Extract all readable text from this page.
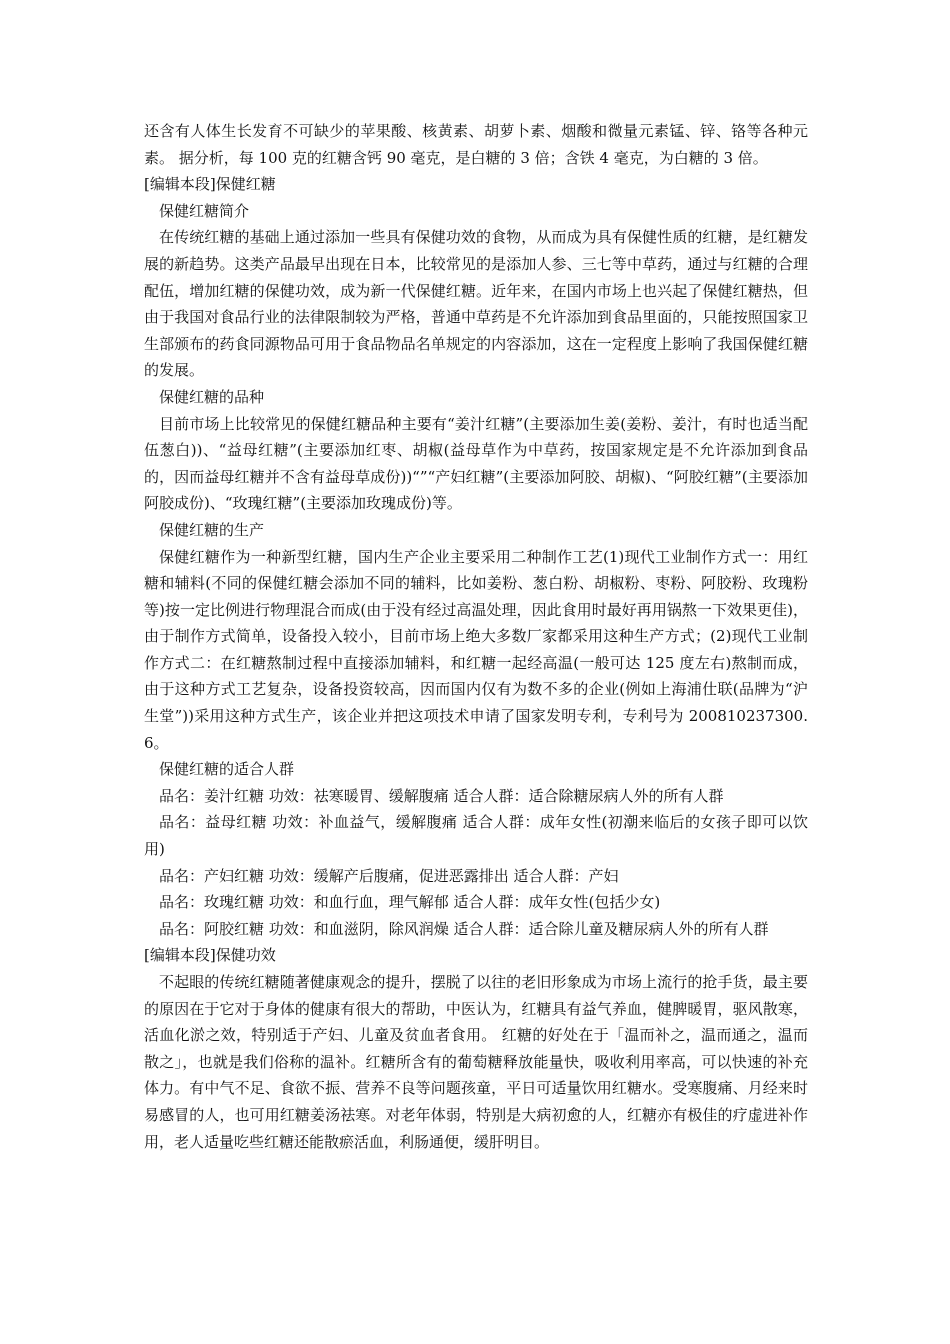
还含有人体生长发育不可缺少的苹果酸、核黄素、胡萝卜素、烟酸和微量元素锰、锌、铬等各种元素。 据分析，每 100 克的红糖含钙 90 毫克，是白糖的 3 倍；含铁 4 毫克，为白糖的 3 倍。

[编辑本段]保健红糖

保健红糖简介

在传统红糖的基础上通过添加一些具有保健功效的食物，从而成为具有保健性质的红糖，是红糖发展的新趋势。这类产品最早出现在日本，比较常见的是添加人参、三七等中草药，通过与红糖的合理配伍，增加红糖的保健功效，成为新一代保健红糖。近年来，在国内市场上也兴起了保健红糖热，但由于我国对食品行业的法律限制较为严格，普通中草药是不允许添加到食品里面的，只能按照国家卫生部颁布的药食同源物品可用于食品物品名单规定的内容添加，这在一定程度上影响了我国保健红糖的发展。

保健红糖的品种

目前市场上比较常见的保健红糖品种主要有“姜汁红糖”(主要添加生姜(姜粉、姜汁，有时也适当配伍葱白))、“益母红糖”(主要添加红枣、胡椒(益母草作为中草药，按国家规定是不允许添加到食品的，因而益母红糖并不含有益母草成份))“”“产妇红糖”(主要添加阿胶、胡椒)、“阿胶红糖”(主要添加阿胶成份)、“玫瑰红糖”(主要添加玫瑰成份)等。

保健红糖的生产

保健红糖作为一种新型红糖，国内生产企业主要采用二种制作工艺(1)现代工业制作方式一：用红糖和辅料(不同的保健红糖会添加不同的辅料，比如姜粉、葱白粉、胡椒粉、枣粉、阿胶粉、玫瑰粉等)按一定比例进行物理混合而成(由于没有经过高温处理，因此食用时最好再用锅熬一下效果更佳)，由于制作方式简单，设备投入较小，目前市场上绝大多数厂家都采用这种生产方式；(2)现代工业制作方式二：在红糖熬制过程中直接添加辅料，和红糖一起经高温(一般可达 125 度左右)熬制而成，由于这种方式工艺复杂，设备投资较高，因而国内仅有为数不多的企业(例如上海浦仕联(品牌为“沪生堂”))采用这种方式生产，该企业并把这项技术申请了国家发明专利，专利号为 200810237300.6。

保健红糖的适合人群

品名：姜汁红糖 功效：祛寒暖胃、缓解腹痛 适合人群：适合除糖尿病人外的所有人群

品名：益母红糖 功效：补血益气，缓解腹痛 适合人群：成年女性(初潮来临后的女孩子即可以饮用)

品名：产妇红糖 功效：缓解产后腹痛，促进恶露排出 适合人群：产妇

品名：玫瑰红糖 功效：和血行血，理气解郁 适合人群：成年女性(包括少女)

品名：阿胶红糖 功效：和血滋阴，除风润燥 适合人群：适合除儿童及糖尿病人外的所有人群

[编辑本段]保健功效

不起眼的传统红糖随著健康观念的提升，摆脱了以往的老旧形象成为市场上流行的抢手货，最主要的原因在于它对于身体的健康有很大的帮助，中医认为，红糖具有益气养血，健脾暖胃，驱风散寒，活血化淤之效，特别适于产妇、儿童及贫血者食用。 红糖的好处在于「温而补之，温而通之，温而散之」，也就是我们俗称的温补。红糖所含有的葡萄糖释放能量快，吸收利用率高，可以快速的补充体力。有中气不足、食欲不振、营养不良等问题孩童，平日可适量饮用红糖水。受寒腹痛、月经来时易感冒的人，也可用红糖姜汤祛寒。对老年体弱，特别是大病初愈的人，红糖亦有极佳的疗虚进补作用，老人适量吃些红糖还能散瘀活血，利肠通便，缓肝明目。
